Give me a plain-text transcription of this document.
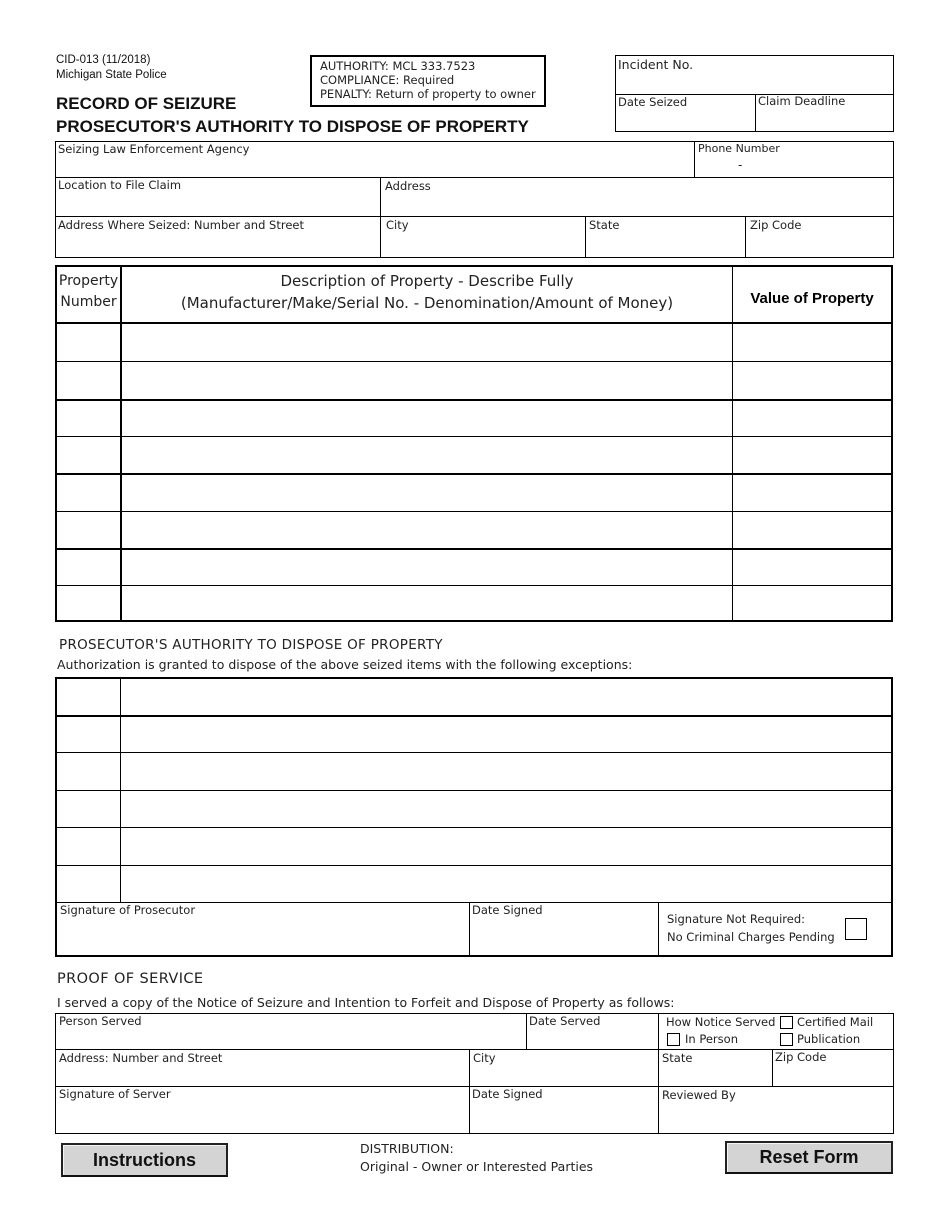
CID-013 (11/2018)
Michigan State Police
RECORD OF SEIZURE
PROSECUTOR'S AUTHORITY TO DISPOSE OF PROPERTY
AUTHORITY: MCL 333.7523
COMPLIANCE: Required
PENALTY: Return of property to owner
Incident No.
Date Seized	Claim Deadline
Seizing Law Enforcement Agency	Phone Number
-
Location to File Claim	Address
Address Where Seized: Number and Street	City	State	Zip Code
Property
Number
Description of Property - Describe Fully
(Manufacturer/Make/Serial No. - Denomination/Amount of Money)	Value of Property
PROSECUTOR'S AUTHORITY TO DISPOSE OF PROPERTY
Authorization is granted to dispose of the above seized items with the following exceptions:
Signature of Prosecutor	Date Signed
Signature Not Required:
No Criminal Charges Pending
PROOF OF SERVICE
I served a copy of the Notice of Seizure and Intention to Forfeit and Dispose of Property as follows:
Person Served	Date Served	How Notice Served Certified Mail
In Person	Publication
Address: Number and Street	City	State	Zip Code
Signature of Server	Date Signed	Reviewed By
Instructions
DISTRIBUTION:
Original - Owner or Interested Parties	Reset Form
